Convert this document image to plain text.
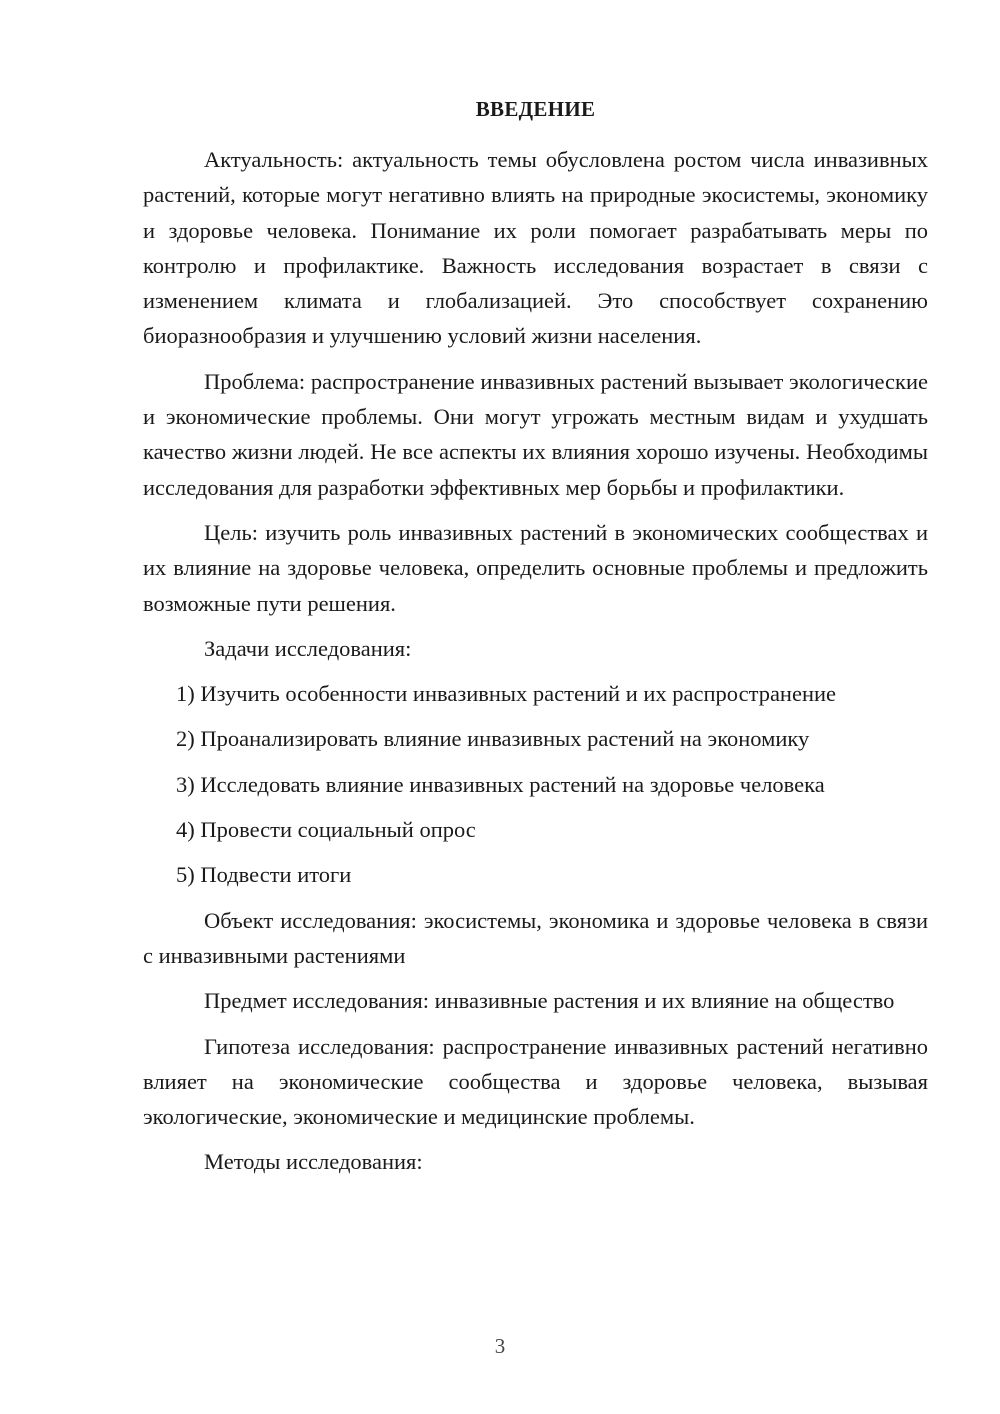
ВВЕДЕНИЕ

Актуальность: актуальность темы обусловлена ростом числа инвазивных растений, которые могут негативно влиять на природные экосистемы, экономику и здоровье человека. Понимание их роли помогает разрабатывать меры по контролю и профилактике. Важность исследования возрастает в связи с изменением климата и глобализацией. Это способствует сохранению биоразнообразия и улучшению условий жизни населения.

Проблема: распространение инвазивных растений вызывает экологические и экономические проблемы. Они могут угрожать местным видам и ухудшать качество жизни людей. Не все аспекты их влияния хорошо изучены. Необходимы исследования для разработки эффективных мер борьбы и профилактики.

Цель: изучить роль инвазивных растений в экономических сообществах и их влияние на здоровье человека, определить основные проблемы и предложить возможные пути решения.

Задачи исследования:

1) Изучить особенности инвазивных растений и их распространение
2) Проанализировать влияние инвазивных растений на экономику
3) Исследовать влияние инвазивных растений на здоровье человека
4) Провести социальный опрос
5) Подвести итоги

Объект исследования: экосистемы, экономика и здоровье человека в связи с инвазивными растениями

Предмет исследования: инвазивные растения и их влияние на общество

Гипотеза исследования: распространение инвазивных растений негативно влияет на экономические сообщества и здоровье человека, вызывая экологические, экономические и медицинские проблемы.

Методы исследования:

3
